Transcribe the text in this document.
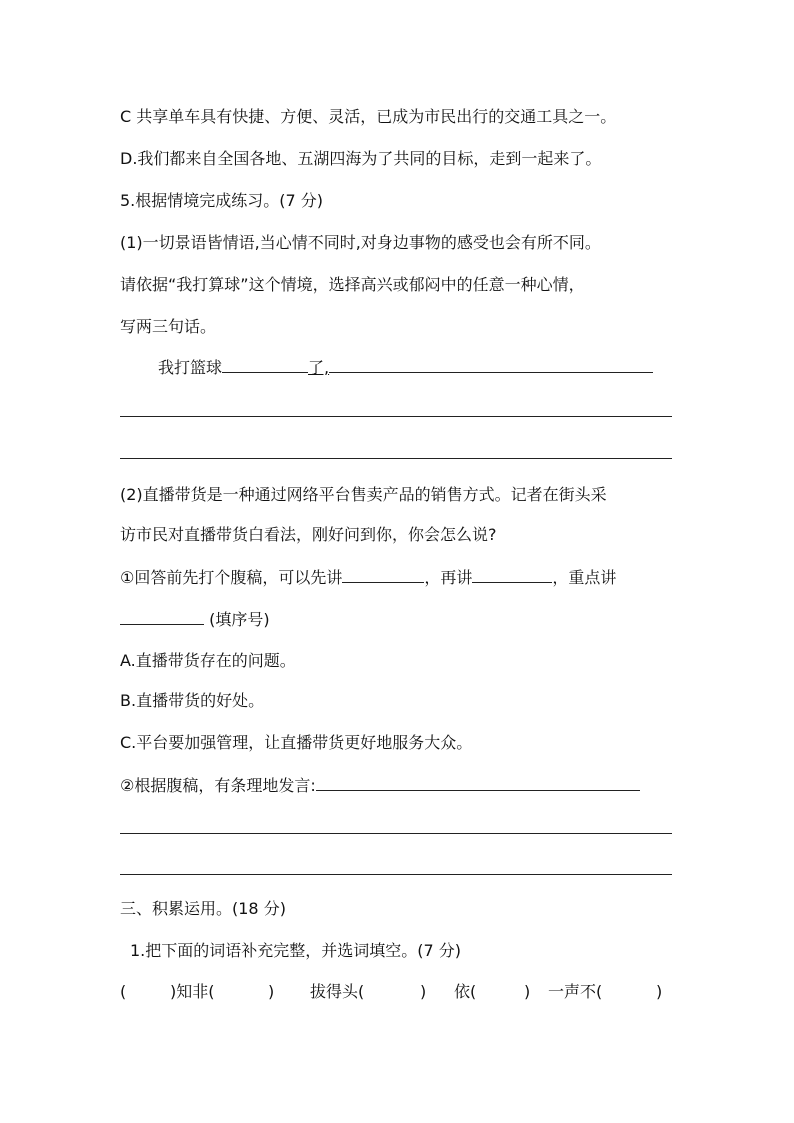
C 共享单车具有快捷、方便、灵活，已成为市民出行的交通工具之一。
D.我们都来自全国各地、五湖四海为了共同的目标，走到一起来了。
5.根据情境完成练习。(7 分)
(1)一切景语皆情语,当心情不同时,对身边事物的感受也会有所不同。
请依据“我打算球”这个情境，选择高兴或郁闷中的任意一种心情，
写两三句话。
我打篮球	了,
(2)直播带货是一种通过网络平台售卖产品的销售方式。记者在街头采
访市民对直播带货白看法，刚好问到你，你会怎么说?
①回答前先打个腹稿，可以先讲	，再讲	，重点讲
(填序号)
A.直播带货存在的问题。
B.直播带货的好处。
C.平台要加强管理，让直播带货更好地服务大众。
②根据腹稿，有条理地发言:
三、积累运用。(18 分)
1.把下面的词语补充完整，并选词填空。(7 分)
(	)知非(	) 拔得头(	) 依(	) 一声不(	)
